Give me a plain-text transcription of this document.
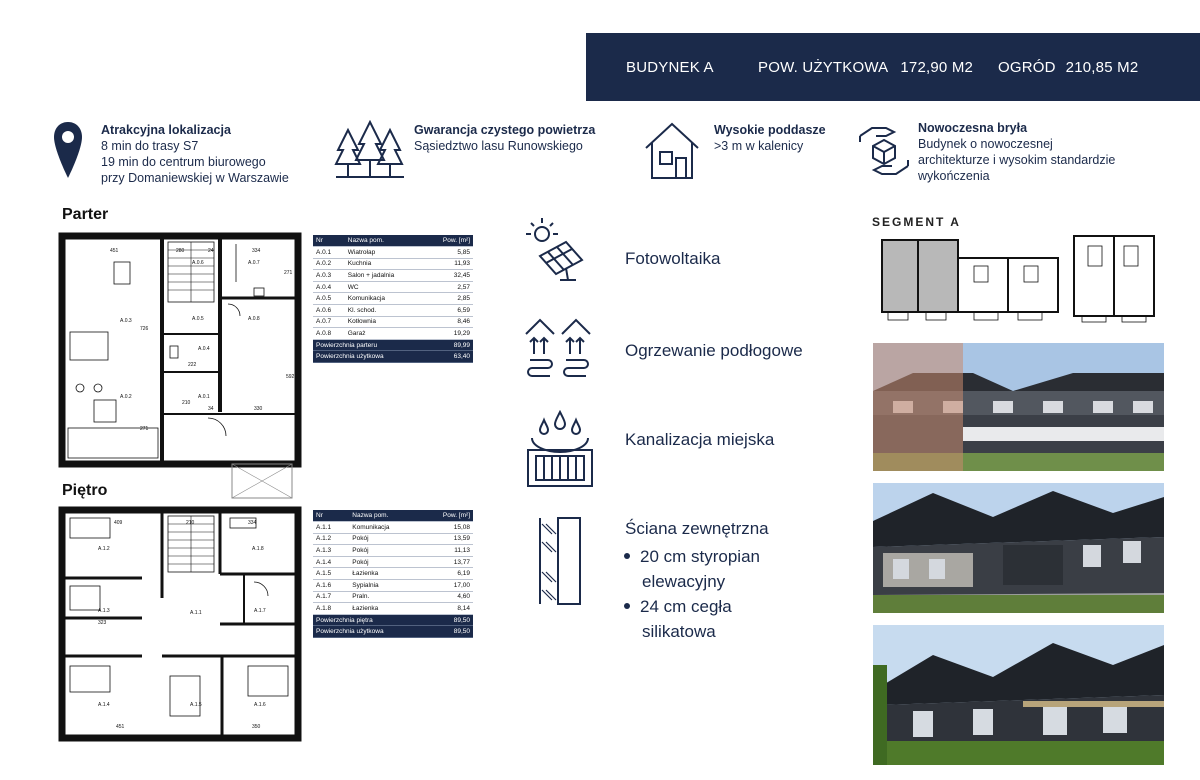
BUDYNEK A	POW. UŻYTKOWA 172,90 M2 OGRÓD 210,85 M2
Atrakcyjna lokalizacja
8 min do trasy S7
19 min do centrum biurowego
przy Domaniewskiej w Warszawie
Gwarancja czystego powietrza
Sąsiedztwo lasu Runowskiego
Wysokie poddasze
>3 m w kalenicy
Nowoczesna bryła
Budynek o nowoczesnej
architekturze i wysokim standardzie
wykończenia
Parter
451	280	24	334
271
726
592
330
210
34
222
271
A.0.6	A.0.7
A.0.3	A.0.5	A.0.8
A.0.4
A.0.2	A.0.1
Nr	Nazwa pom.	Pow. [m²]
A.0.1	Wiatrołap	5,85
A.0.2	Kuchnia	11,93
A.0.3	Salon + jadalnia	32,45
A.0.4	WC	2,57
A.0.5	Komunikacja	2,85
A.0.6	Kl. schod.	6,59
A.0.7	Kotłownia	8,46
A.0.8	Garaż	19,29
Powierzchnia parteru		89,99
Powierzchnia użytkowa		63,40
Piętro
409	210	334
323
451	350
A.1.2	A.1.8
A.1.3	A.1.1	A.1.7
A.1.4	A.1.5	A.1.6
Nr	Nazwa pom.	Pow. [m²]
A.1.1	Komunikacja	15,08
A.1.2	Pokój	13,59
A.1.3	Pokój	11,13
A.1.4	Pokój	13,77
A.1.5	Łazienka	6,19
A.1.6	Sypialnia	17,00
A.1.7	Praln.	4,60
A.1.8	Łazienka	8,14
Powierzchnia piętra		89,50
Powierzchnia użytkowa		89,50
Fotowoltaika
Ogrzewanie podłogowe
Kanalizacja miejska
Ściana zewnętrzna
20 cm styropian
elewacyjny
24 cm cegła
silikatowa
SEGMENT A
